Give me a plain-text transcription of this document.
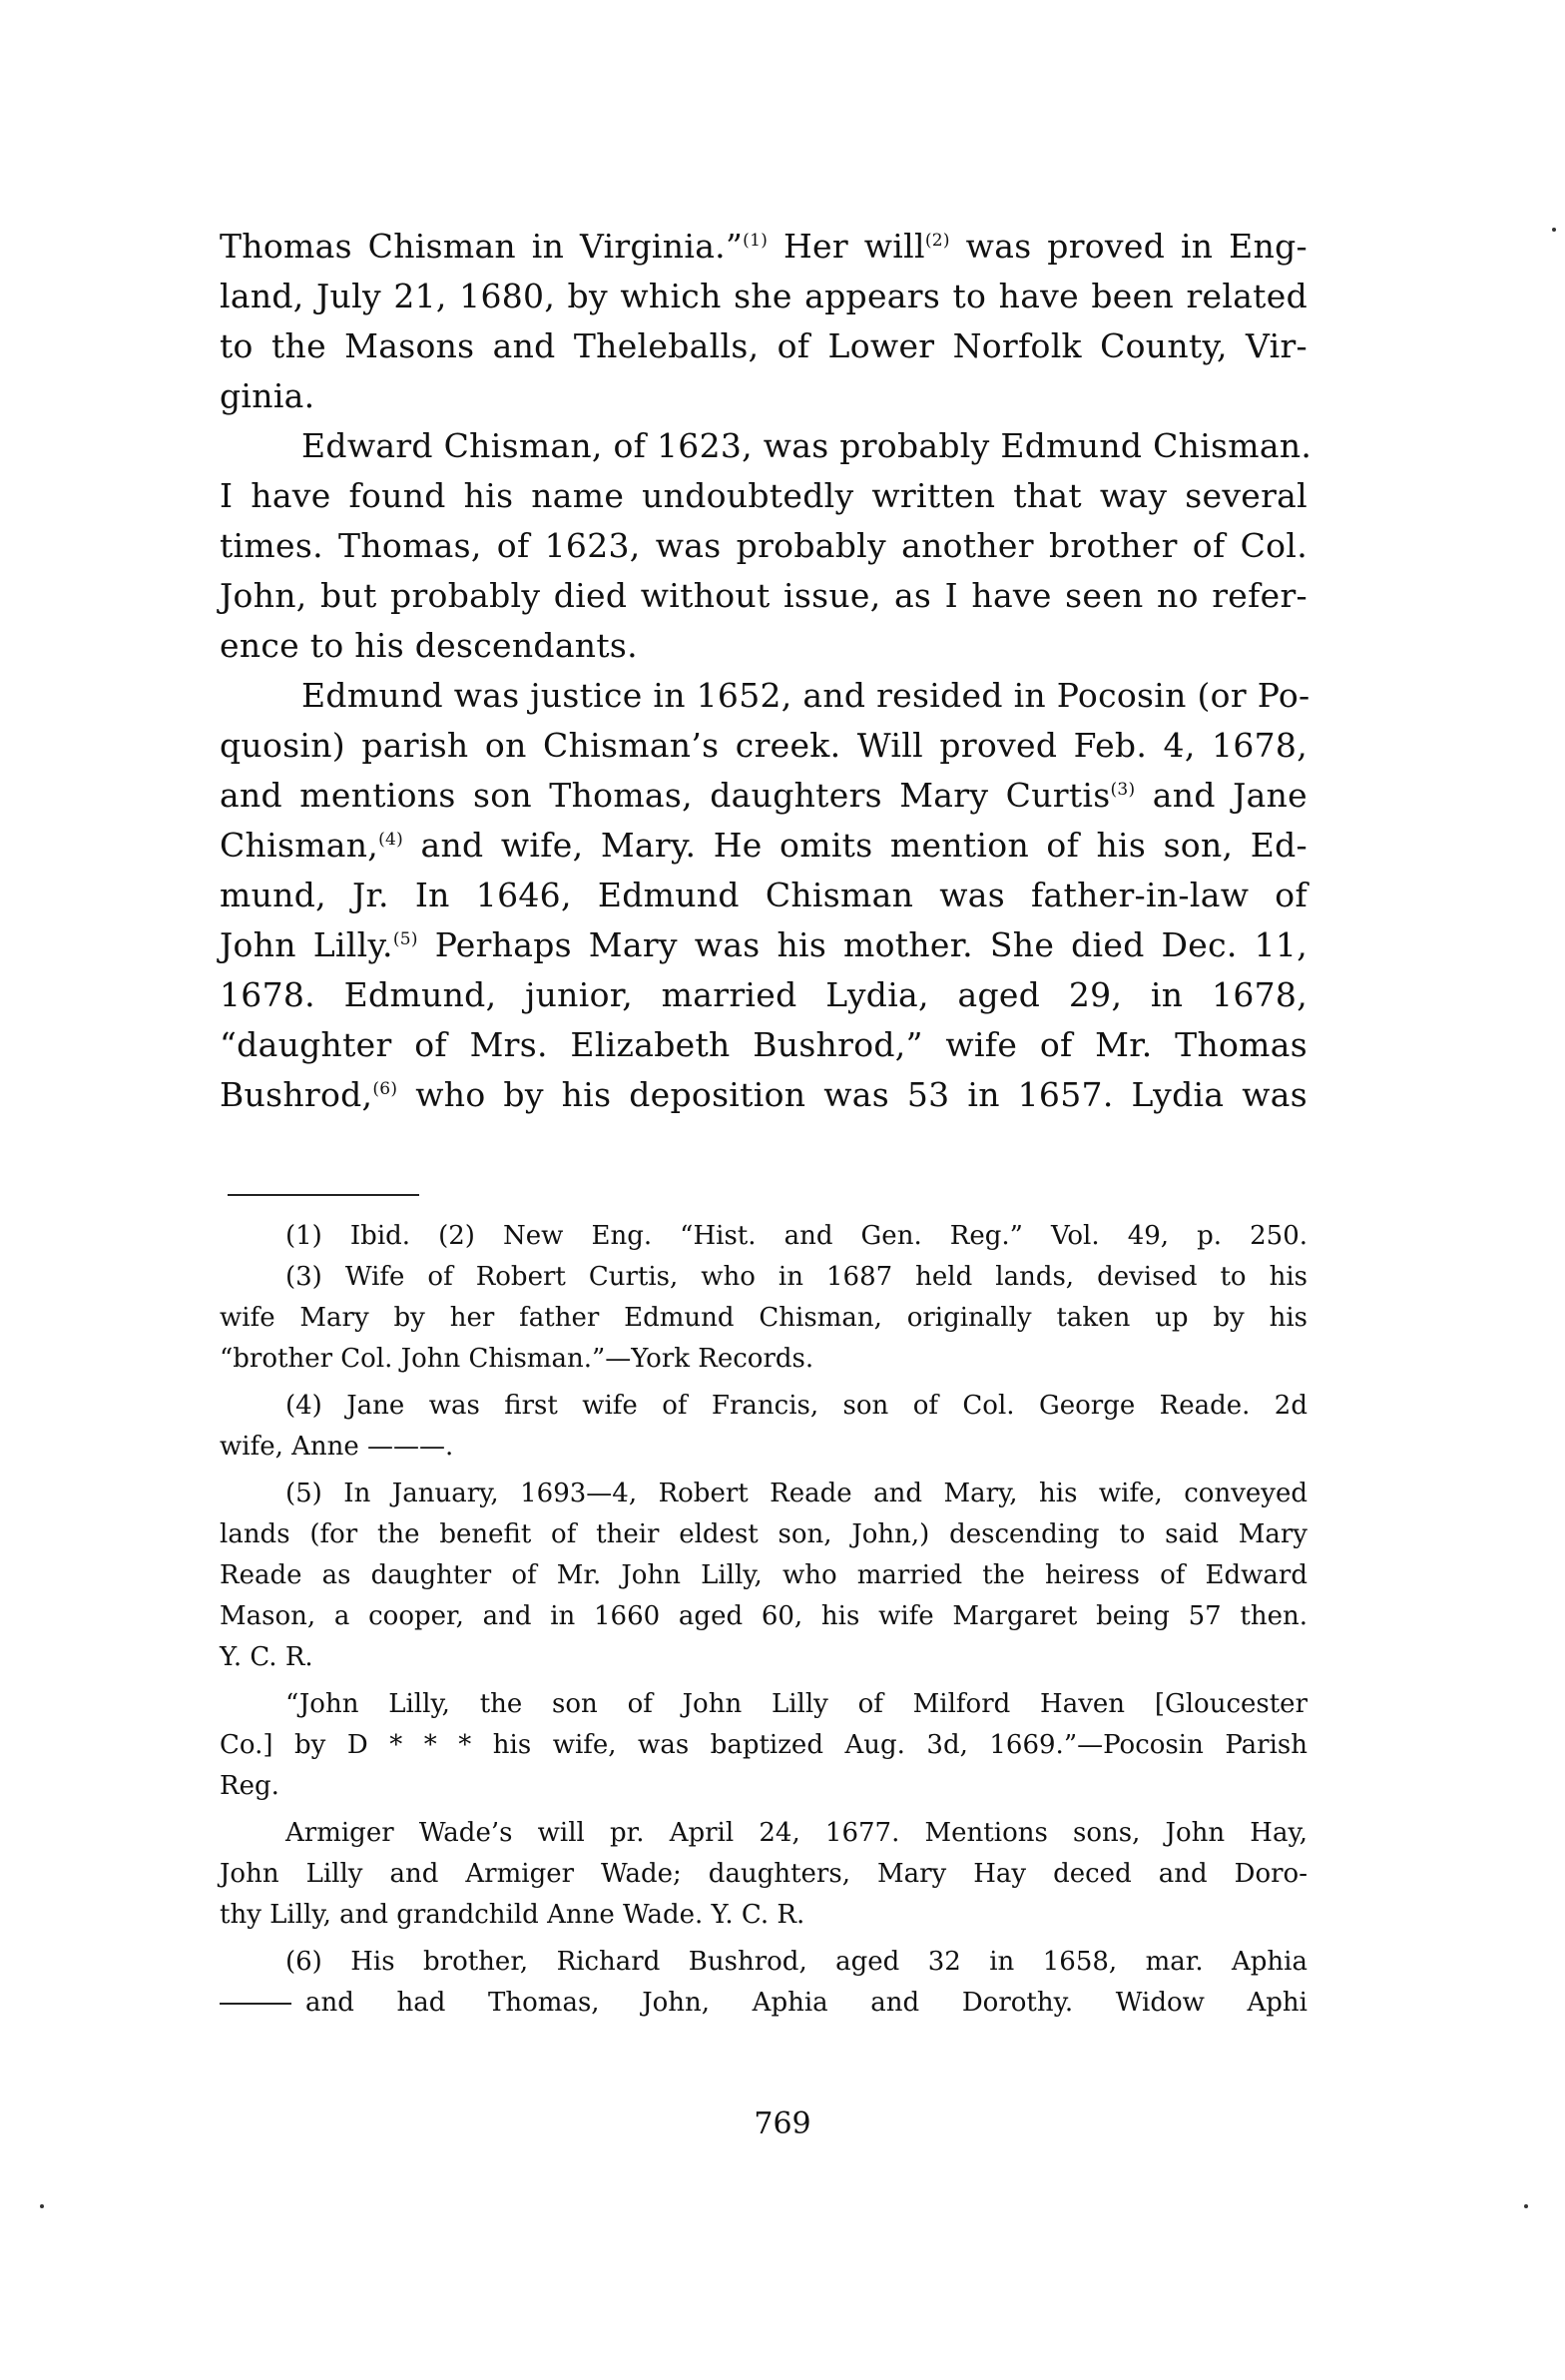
Thomas Chisman in Virginia.”$^{(1)}$ Her will$^{(2)}$ was proved in Eng-
land, July 21, 1680, by which she appears to have been related
to the Masons and Theleballs, of Lower Norfolk County, Vir-
ginia.
Edward Chisman, of 1623, was probably Edmund Chisman.
I have found his name undoubtedly written that way several
times. Thomas, of 1623, was probably another brother of Col.
John, but probably died without issue, as I have seen no refer-
ence to his descendants.
Edmund was justice in 1652, and resided in Pocosin (or Po-
quosin) parish on Chisman’s creek. Will proved Feb. 4, 1678,
and mentions son Thomas, daughters Mary Curtis$^{(3)}$ and Jane
Chisman,$^{(4)}$ and wife, Mary. He omits mention of his son, Ed-
mund, Jr. In 1646, Edmund Chisman was father-in-law of
John Lilly.$^{(5)}$ Perhaps Mary was his mother. She died Dec. 11,
1678. Edmund, junior, married Lydia, aged 29, in 1678,
“daughter of Mrs. Elizabeth Bushrod,” wife of Mr. Thomas
Bushrod,$^{(6)}$ who by his deposition was 53 in 1657. Lydia was
(1) Ibid. (2) New Eng. “Hist. and Gen. Reg.” Vol. 49, p. 250.
(3) Wife of Robert Curtis, who in 1687 held lands, devised to his
wife Mary by her father Edmund Chisman, originally taken up by his
“brother Col. John Chisman.”—York Records.
(4) Jane was first wife of Francis, son of Col. George Reade. 2d
wife, Anne ———.
(5) In January, 1693—4, Robert Reade and Mary, his wife, conveyed
lands (for the benefit of their eldest son, John,) descending to said Mary
Reade as daughter of Mr. John Lilly, who married the heiress of Edward
Mason, a cooper, and in 1660 aged 60, his wife Margaret being 57 then.
Y. C. R.
“John Lilly, the son of John Lilly of Milford Haven [Gloucester
Co.] by D * * * his wife, was baptized Aug. 3d, 1669.”—Pocosin Parish
Reg.
Armiger Wade’s will pr. April 24, 1677. Mentions sons, John Hay,
John Lilly and Armiger Wade; daughters, Mary Hay deced and Doro-
thy Lilly, and grandchild Anne Wade. Y. C. R.
(6) His brother, Richard Bushrod, aged 32 in 1658, mar. Aphia
and had Thomas, John, Aphia and Dorothy. Widow Aphi
769
